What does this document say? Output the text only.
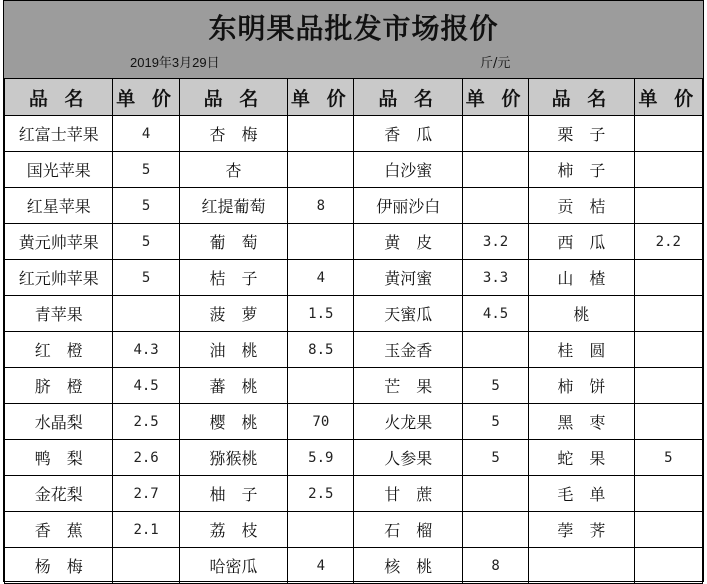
东明果品批发市场报价
2019年3月29日	斤/元
品 名	单 价	品 名	单 价	品 名	单 价	品 名	单 价
红富士苹果	4	杏　梅		香　瓜		栗　子	
国光苹果	5	杏		白沙蜜		柿　子	
红星苹果	5	红提葡萄	8	伊丽沙白		贡　桔	
黄元帅苹果	5	葡　萄		黄　皮	3.2	西　瓜	2.2
红元帅苹果	5	桔　子	4	黄河蜜	3.3	山　楂	
青苹果		菠　萝	1.5	天蜜瓜	4.5	桃	
红　橙	4.3	油　桃	8.5	玉金香		桂　圆	
脐　橙	4.5	蕃　桃		芒　果	5	柿　饼	
水晶梨	2.5	樱　桃	70	火龙果	5	黑　枣	
鸭　梨	2.6	猕猴桃	5.9	人参果	5	蛇　果	5
金花梨	2.7	柚　子	2.5	甘　蔗		毛　单	
香　蕉	2.1	荔　枝		石　榴		荸　荠	
杨　梅		哈密瓜	4	核　桃	8		
